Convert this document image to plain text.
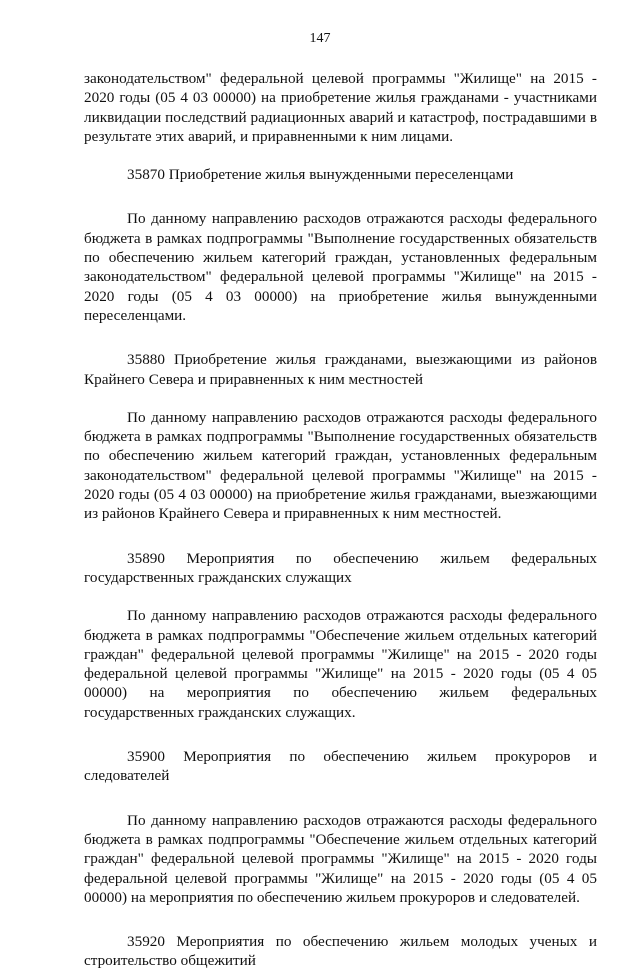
147

законодательством" федеральной целевой программы "Жилище" на 2015 - 2020 годы (05 4 03 00000) на приобретение жилья гражданами - участниками ликвидации последствий радиационных аварий и катастроф, пострадавшими в результате этих аварий, и приравненными к ним лицами.

35870 Приобретение жилья вынужденными переселенцами

По данному направлению расходов отражаются расходы федерального бюджета в рамках подпрограммы "Выполнение государственных обязательств по обеспечению жильем категорий граждан, установленных федеральным законодательством" федеральной целевой программы "Жилище" на 2015 - 2020 годы (05 4 03 00000) на приобретение жилья вынужденными переселенцами.

35880 Приобретение жилья гражданами, выезжающими из районов Крайнего Севера и приравненных к ним местностей

По данному направлению расходов отражаются расходы федерального бюджета в рамках подпрограммы "Выполнение государственных обязательств по обеспечению жильем категорий граждан, установленных федеральным законодательством" федеральной целевой программы "Жилище" на 2015 - 2020 годы (05 4 03 00000) на приобретение жилья гражданами, выезжающими из районов Крайнего Севера и приравненных к ним местностей.

35890 Мероприятия по обеспечению жильем федеральных государственных гражданских служащих

По данному направлению расходов отражаются расходы федерального бюджета в рамках подпрограммы "Обеспечение жильем отдельных категорий граждан" федеральной целевой программы "Жилище" на 2015 - 2020 годы федеральной целевой программы "Жилище" на 2015 - 2020 годы (05 4 05 00000) на мероприятия по обеспечению жильем федеральных государственных гражданских служащих.

35900 Мероприятия по обеспечению жильем прокуроров и следователей

По данному направлению расходов отражаются расходы федерального бюджета в рамках подпрограммы "Обеспечение жильем отдельных категорий граждан" федеральной целевой программы "Жилище" на 2015 - 2020 годы федеральной целевой программы "Жилище" на 2015 - 2020 годы (05 4 05 00000) на мероприятия по обеспечению жильем прокуроров и следователей.

35920 Мероприятия по обеспечению жильем молодых ученых и строительство общежитий
